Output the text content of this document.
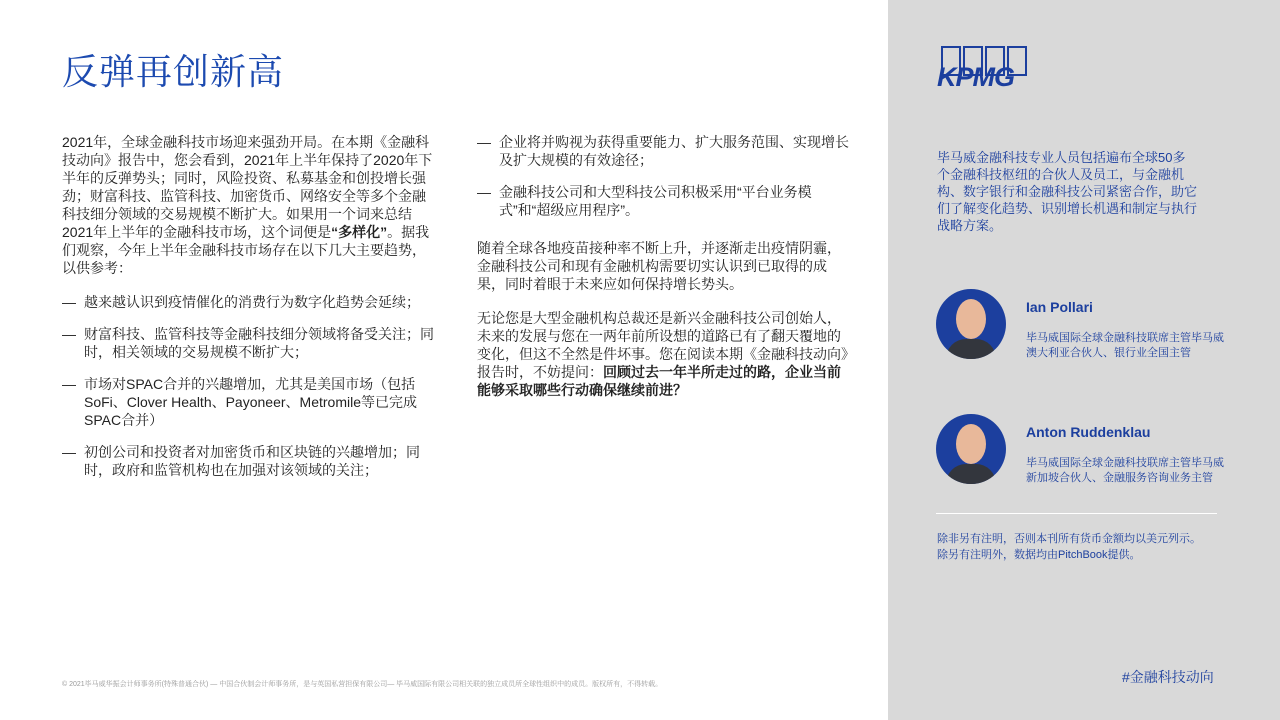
反弹再创新高

2021年，全球金融科技市场迎来强劲开局。在本期《金融科技动向》报告中，您会看到，2021年上半年保持了2020年下半年的反弹势头；同时，风险投资、私募基金和创投增长强劲；财富科技、监管科技、加密货币、网络安全等多个金融科技细分领域的交易规模不断扩大。如果用一个词来总结2021年上半年的金融科技市场，这个词便是“多样化”。据我们观察，今年上半年金融科技市场存在以下几大主要趋势，以供参考：

— 越来越认识到疫情催化的消费行为数字化趋势会延续；
— 财富科技、监管科技等金融科技细分领域将备受关注；同时，相关领域的交易规模不断扩大；
— 市场对SPAC合并的兴趣增加，尤其是美国市场（包括SoFi、Clover Health、Payoneer、Metromile等已完成SPAC合并）
— 初创公司和投资者对加密货币和区块链的兴趣增加；同时，政府和监管机构也在加强对该领域的关注；
— 企业将并购视为获得重要能力、扩大服务范围、实现增长及扩大规模的有效途径；
— 金融科技公司和大型科技公司积极采用“平台业务模式”和“超级应用程序”。

随着全球各地疫苗接种率不断上升，并逐渐走出疫情阴霾，金融科技公司和现有金融机构需要切实认识到已取得的成果，同时着眼于未来应如何保持增长势头。

无论您是大型金融机构总裁还是新兴金融科技公司创始人，未来的发展与您在一两年前所设想的道路已有了翻天覆地的变化，但这不全然是件坏事。您在阅读本期《金融科技动向》报告时，不妨提问：回顾过去一年半所走过的路，企业当前能够采取哪些行动确保继续前进？

© 2021毕马威华振会计师事务所(特殊普通合伙) — 中国合伙制会计师事务所，是与英国私营担保有限公司— 毕马威国际有限公司相关联的独立成员所全球性组织中的成员。版权所有，不得转载。
KPMG
毕马威金融科技专业人员包括遍布全球50多个金融科技枢纽的合伙人及员工，与金融机构、数字银行和金融科技公司紧密合作，助它们了解变化趋势、识别增长机遇和制定与执行战略方案。
Ian Pollari
毕马威国际全球金融科技联席主管毕马威澳大利亚合伙人、银行业全国主管
Anton Ruddenklau
毕马威国际全球金融科技联席主管毕马威新加坡合伙人、金融服务咨询业务主管
除非另有注明，否则本刊所有货币金额均以美元列示。除另有注明外，数据均由PitchBook提供。
#金融科技动向
